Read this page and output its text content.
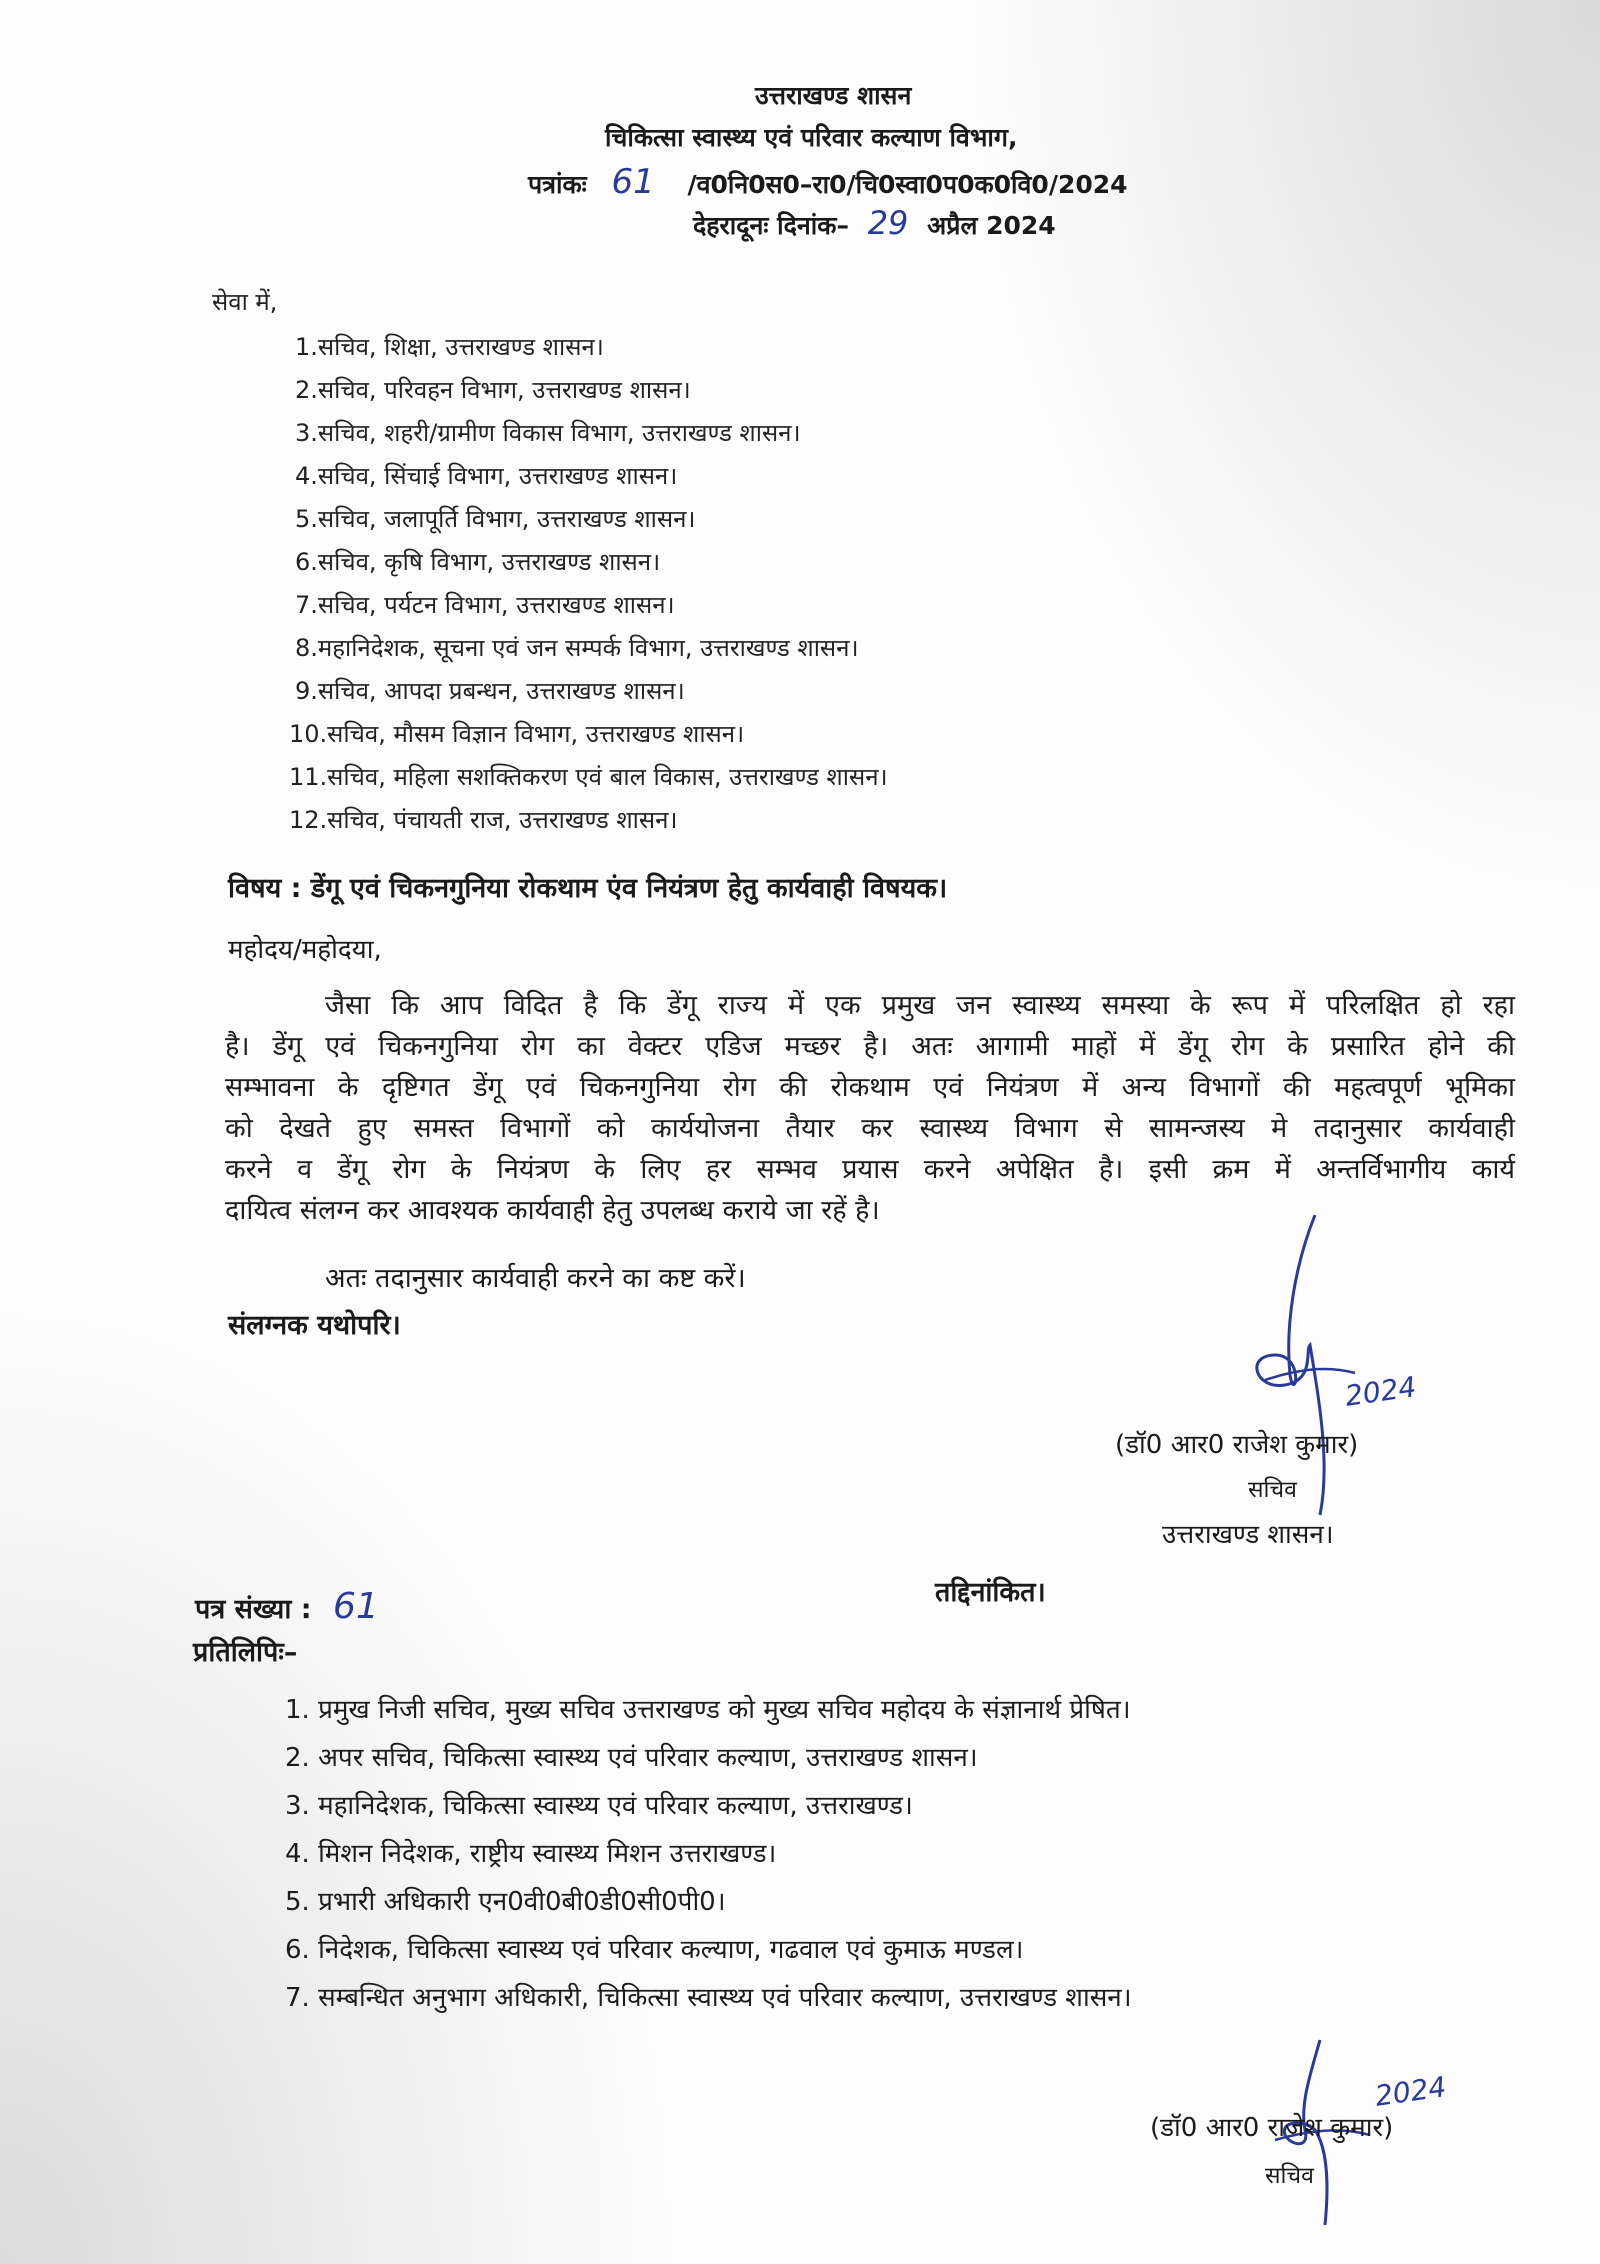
उत्तराखण्ड शासन
चिकित्सा स्वास्थ्य एवं परिवार कल्याण विभाग,
पत्रांकः 61 /व0नि0स0–रा0/चि0स्वा0प0क0वि0/2024
देहरादूनः दिनांक– 29 अप्रैल 2024
सेवा में,
1.सचिव, शिक्षा, उत्तराखण्ड शासन।
2.सचिव, परिवहन विभाग, उत्तराखण्ड शासन।
3.सचिव, शहरी/ग्रामीण विकास विभाग, उत्तराखण्ड शासन।
4.सचिव, सिंचाई विभाग, उत्तराखण्ड शासन।
5.सचिव, जलापूर्ति विभाग, उत्तराखण्ड शासन।
6.सचिव, कृषि विभाग, उत्तराखण्ड शासन।
7.सचिव, पर्यटन विभाग, उत्तराखण्ड शासन।
8.महानिदेशक, सूचना एवं जन सम्पर्क विभाग, उत्तराखण्ड शासन।
9.सचिव, आपदा प्रबन्धन, उत्तराखण्ड शासन।
10.सचिव, मौसम विज्ञान विभाग, उत्तराखण्ड शासन।
11.सचिव, महिला सशक्तिकरण एवं बाल विकास, उत्तराखण्ड शासन।
12.सचिव, पंचायती राज, उत्तराखण्ड शासन।
विषय : डेंगू एवं चिकनगुनिया रोकथाम एंव नियंत्रण हेतु कार्यवाही विषयक।
महोदय/महोदया,
जैसा कि आप विदित है कि डेंगू राज्य में एक प्रमुख जन स्वास्थ्य समस्या के रूप में परिलक्षित हो रहा
है। डेंगू एवं चिकनगुनिया रोग का वेक्टर एडिज मच्छर है। अतः आगामी माहों में डेंगू रोग के प्रसारित होने की
सम्भावना के दृष्टिगत डेंगू एवं चिकनगुनिया रोग की रोकथाम एवं नियंत्रण में अन्य विभागों की महत्वपूर्ण भूमिका
को देखते हुए समस्त विभागों को कार्ययोजना तैयार कर स्वास्थ्य विभाग से सामन्जस्य मे तदानुसार कार्यवाही
करने व डेंगू रोग के नियंत्रण के लिए हर सम्भव प्रयास करने अपेक्षित है। इसी क्रम में अन्तर्विभागीय कार्य
दायित्व संलग्न कर आवश्यक कार्यवाही हेतु उपलब्ध कराये जा रहें है।
अतः तदानुसार कार्यवाही करने का कष्ट करें।
संलग्नक यथोपरि।
2024
(डॉ0 आर0 राजेश कुमार)
सचिव
उत्तराखण्ड शासन।
पत्र संख्या : 61	तद्दिनांकित।
प्रतिलिपिः–
1. प्रमुख निजी सचिव, मुख्य सचिव उत्तराखण्ड को मुख्य सचिव महोदय के संज्ञानार्थ प्रेषित।
2. अपर सचिव, चिकित्सा स्वास्थ्य एवं परिवार कल्याण, उत्तराखण्ड शासन।
3. महानिदेशक, चिकित्सा स्वास्थ्य एवं परिवार कल्याण, उत्तराखण्ड।
4. मिशन निदेशक, राष्ट्रीय स्वास्थ्य मिशन उत्तराखण्ड।
5. प्रभारी अधिकारी एन0वी0बी0डी0सी0पी0।
6. निदेशक, चिकित्सा स्वास्थ्य एवं परिवार कल्याण, गढवाल एवं कुमाऊ मण्डल।
7. सम्बन्धित अनुभाग अधिकारी, चिकित्सा स्वास्थ्य एवं परिवार कल्याण, उत्तराखण्ड शासन।
2024
(डॉ0 आर0 राजेश कुमार)
सचिव
